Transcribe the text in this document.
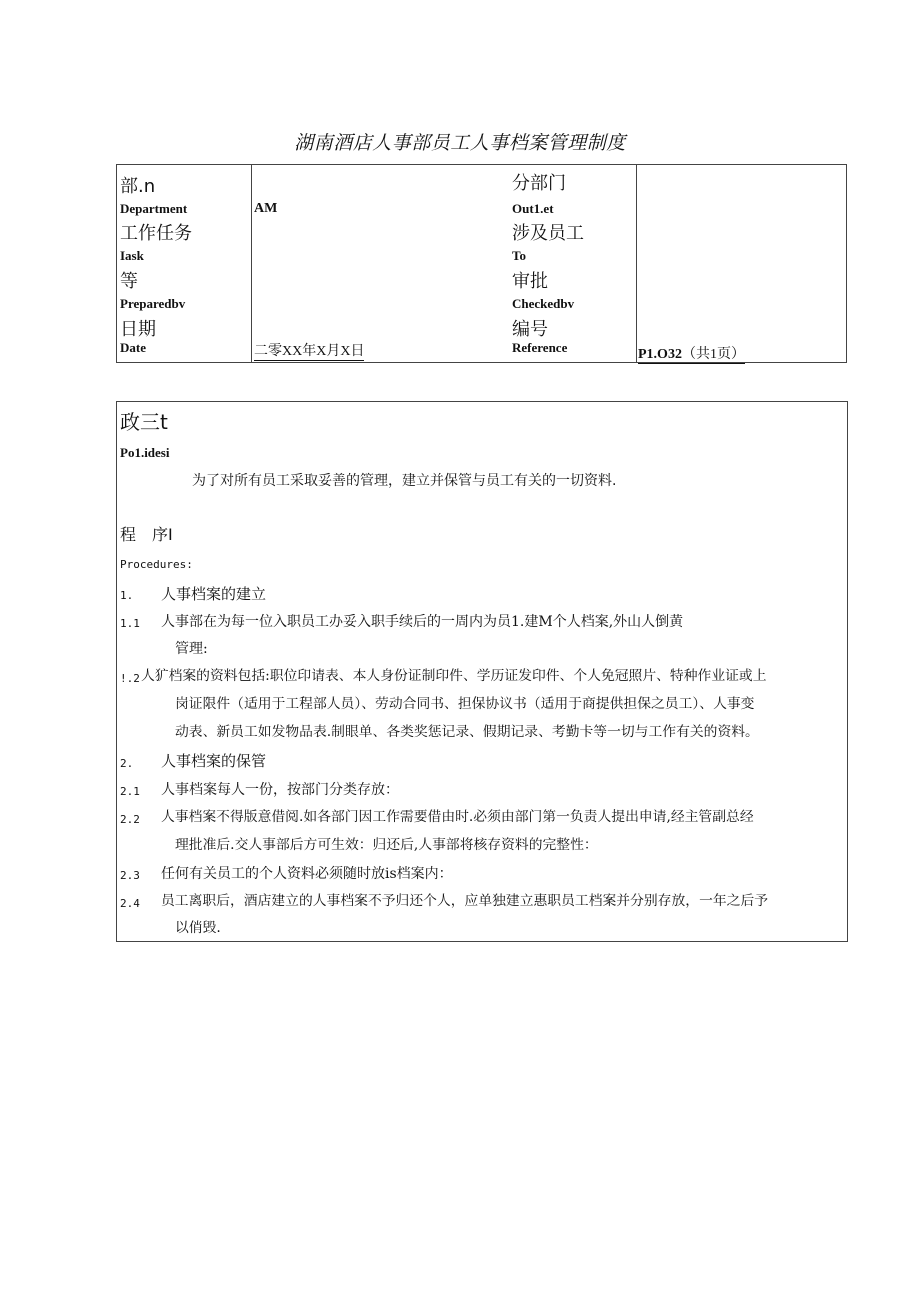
湖南酒店人事部员工人事档案管理制度
部.n
Department
工作任务
Iask
等
Preparedbv
日期
Date
AM
二零XX年X月X日
分部门
Out1.et
涉及员工
To
审批
Checkedbv
编号
Reference	P1.O32（共1页）
政三t
Po1.idesi
为了对所有员工采取妥善的管理，建立并保管与员工有关的一切资料.
程　序I
Procedures:
1. 人事档案的建立
1.1 人事部在为每一位入职员工办妥入职手续后的一周内为员1.建M个人档案,外山人倒黄
管理:
!.2 人犷档案的资料包括:职位印请表、本人身份证制印件、学历证发印件、个人免冠照片、特种作业证或上
岗证限件（适用于工程部人员）、劳动合同书、担保协议书（适用于商提供担保之员工）、人事变
动表、新员工如发物品表.制眼单、各类奖惩记录、假期记录、考勤卡等一切与工作有关的资料。
2. 人事档案的保管
2.1 人事档案每人一份，按部门分类存放：
2.2 人事档案不得版意借阅.如各部门因工作需要借由时.必须由部门第一负责人提出申请,经主管副总经
理批准后.交人事部后方可生效：归还后,人事部将核存资料的完整性：
2.3 任何有关员工的个人资料必须随时放is档案内：
2.4 员工离职后，酒店建立的人事档案不予归还个人，应单独建立惠职员工档案并分别存放，一年之后予
以俏毁.
